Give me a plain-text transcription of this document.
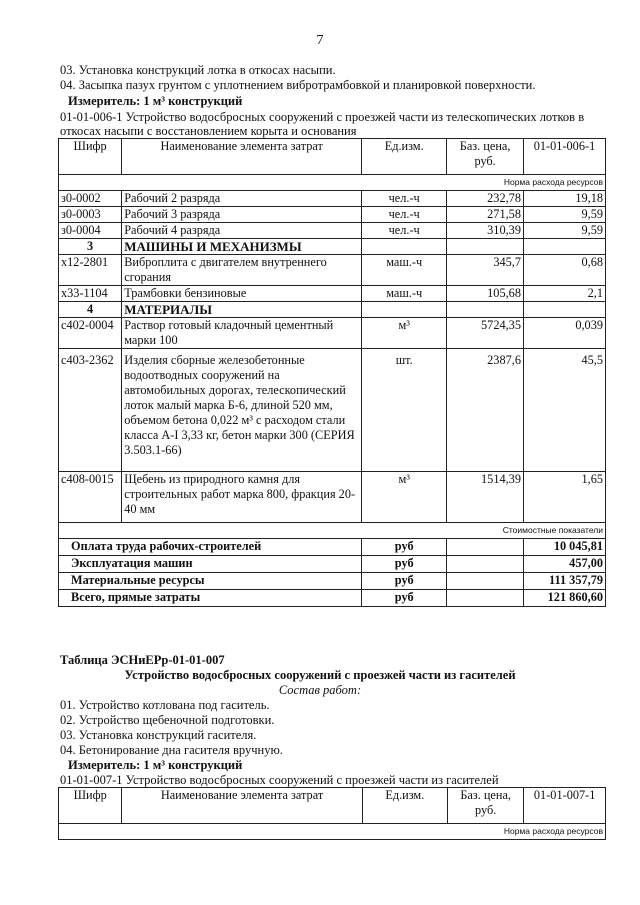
7
03. Установка конструкций лотка в откосах насыпи.
04. Засыпка пазух грунтом с уплотнением вибротрамбовкой и планировкой поверхности.
Измеритель: 1 м³ конструкций
01-01-006-1 Устройство водосбросных сооружений с проезжей части из телескопических лотков в
откосах насыпи с восстановлением корыта и основания
Шифр	Наименование элемента затрат	Ед.изм.	Баз. цена, руб.	01-01-006-1
Норма расхода ресурсов				
з0-0002	Рабочий 2 разряда	чел.-ч	232,78	19,18
з0-0003	Рабочий 3 разряда	чел.-ч	271,58	9,59
з0-0004	Рабочий 4 разряда	чел.-ч	310,39	9,59
3	МАШИНЫ И МЕХАНИЗМЫ			
х12-2801	Виброплита с двигателем внутреннего сгорания	маш.-ч	345,7	0,68
х33-1104	Трамбовки бензиновые	маш.-ч	105,68	2,1
4	МАТЕРИАЛЫ			
с402-0004	Раствор готовый кладочный цементный марки 100	м³	5724,35	0,039
с403-2362	Изделия сборные железобетонные водоотводных сооружений на автомобильных дорогах, телескопический лоток малый марка Б-6, длиной 520 мм, объемом бетона 0,022 м³ с расходом стали класса А-I 3,33 кг, бетон марки 300 (СЕРИЯ 3.503.1-66)	шт.	2387,6	45,5
с408-0015	Щебень из природного камня для строительных работ марка 800, фракция 20-40 мм	м³	1514,39	1,65
Стоимостные показатели				
Оплата труда рабочих-строителей		руб		10 045,81
Эксплуатация машин		руб		457,00
Материальные ресурсы		руб		111 357,79
Всего, прямые затраты		руб		121 860,60
Таблица ЭСНиЕРр-01-01-007
Устройство водосбросных сооружений с проезжей части из гасителей
Состав работ:
01. Устройство котлована под гаситель.
02. Устройство щебеночной подготовки.
03. Установка конструкций гасителя.
04. Бетонирование дна гасителя вручную.
Измеритель: 1 м³ конструкций
01-01-007-1 Устройство водосбросных сооружений с проезжей части из гасителей
Шифр	Наименование элемента затрат	Ед.изм.	Баз. цена, руб.	01-01-007-1
Норма расхода ресурсов
